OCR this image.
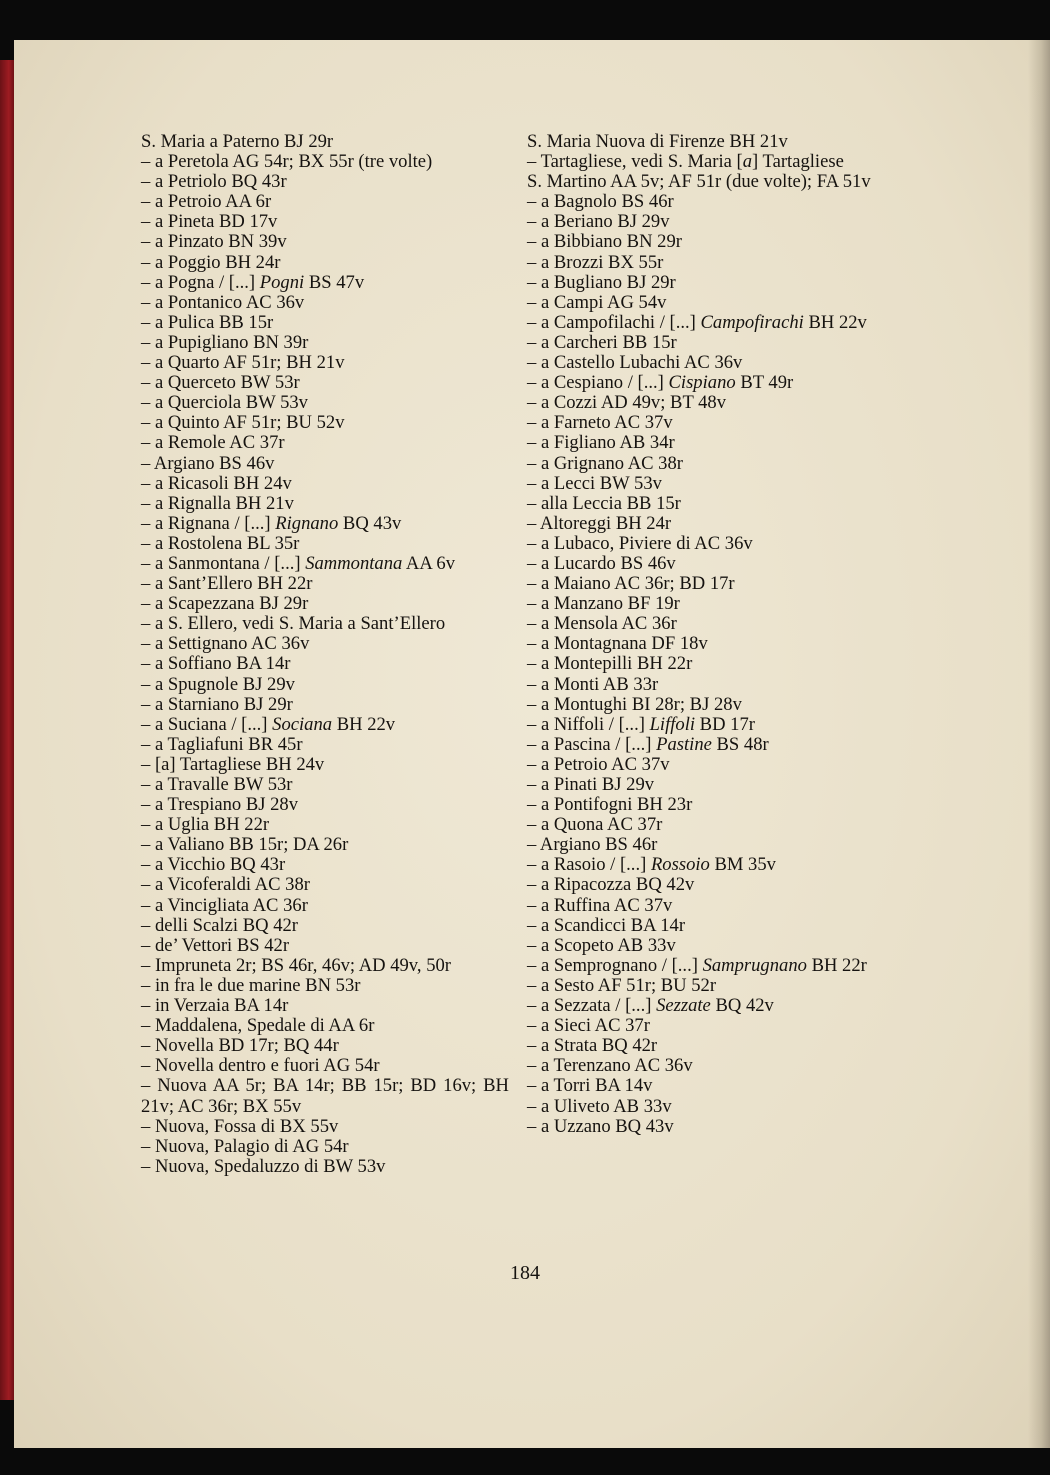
S. Maria a Paterno BJ 29r

– a Peretola AG 54r; BX 55r (tre volte)

– a Petriolo BQ 43r

– a Petroio AA 6r

– a Pineta BD 17v

– a Pinzato BN 39v

– a Poggio BH 24r

– a Pogna / [...] Pogni BS 47v

– a Pontanico AC 36v

– a Pulica BB 15r

– a Pupigliano BN 39r

– a Quarto AF 51r; BH 21v

– a Querceto BW 53r

– a Querciola BW 53v

– a Quinto AF 51r; BU 52v

– a Remole AC 37r

– Argiano BS 46v

– a Ricasoli BH 24v

– a Rignalla BH 21v

– a Rignana / [...] Rignano BQ 43v

– a Rostolena BL 35r

– a Sanmontana / [...] Sammontana AA 6v

– a Sant’Ellero BH 22r

– a Scapezzana BJ 29r

– a S. Ellero, vedi S. Maria a Sant’Ellero

– a Settignano AC 36v

– a Soffiano BA 14r

– a Spugnole BJ 29v

– a Starniano BJ 29r

– a Suciana / [...] Sociana BH 22v

– a Tagliafuni BR 45r

– [a] Tartagliese BH 24v

– a Travalle BW 53r

– a Trespiano BJ 28v

– a Uglia BH 22r

– a Valiano BB 15r; DA 26r

– a Vicchio BQ 43r

– a Vicoferaldi AC 38r

– a Vincigliata AC 36r

– delli Scalzi BQ 42r

– de’ Vettori BS 42r

– Impruneta 2r; BS 46r, 46v; AD 49v, 50r

– in fra le due marine BN 53r

– in Verzaia BA 14r

– Maddalena, Spedale di AA 6r

– Novella BD 17r; BQ 44r

– Novella dentro e fuori AG 54r

– Nuova AA 5r; BA 14r; BB 15r; BD 16v; BH 21v; AC 36r; BX 55v

– Nuova, Fossa di BX 55v

– Nuova, Palagio di AG 54r

– Nuova, Spedaluzzo di BW 53v

S. Maria Nuova di Firenze BH 21v

– Tartagliese, vedi S. Maria [a] Tartagliese

S. Martino AA 5v; AF 51r (due volte); FA 51v

– a Bagnolo BS 46r

– a Beriano BJ 29v

– a Bibbiano BN 29r

– a Brozzi BX 55r

– a Bugliano BJ 29r

– a Campi AG 54v

– a Campofilachi / [...] Campofirachi BH 22v

– a Carcheri BB 15r

– a Castello Lubachi AC 36v

– a Cespiano / [...] Cispiano BT 49r

– a Cozzi AD 49v; BT 48v

– a Farneto AC 37v

– a Figliano AB 34r

– a Grignano AC 38r

– a Lecci BW 53v

– alla Leccia BB 15r

– Altoreggi BH 24r

– a Lubaco, Piviere di AC 36v

– a Lucardo BS 46v

– a Maiano AC 36r; BD 17r

– a Manzano BF 19r

– a Mensola AC 36r

– a Montagnana DF 18v

– a Montepilli BH 22r

– a Monti AB 33r

– a Montughi BI 28r; BJ 28v

– a Niffoli / [...] Liffoli BD 17r

– a Pascina / [...] Pastine BS 48r

– a Petroio AC 37v

– a Pinati BJ 29v

– a Pontifogni BH 23r

– a Quona AC 37r

– Argiano BS 46r

– a Rasoio / [...] Rossoio BM 35v

– a Ripacozza BQ 42v

– a Ruffina AC 37v

– a Scandicci BA 14r

– a Scopeto AB 33v

– a Semprognano / [...] Samprugnano BH 22r

– a Sesto AF 51r; BU 52r

– a Sezzata / [...] Sezzate BQ 42v

– a Sieci AC 37r

– a Strata BQ 42r

– a Terenzano AC 36v

– a Torri BA 14v

– a Uliveto AB 33v

– a Uzzano BQ 43v

184
